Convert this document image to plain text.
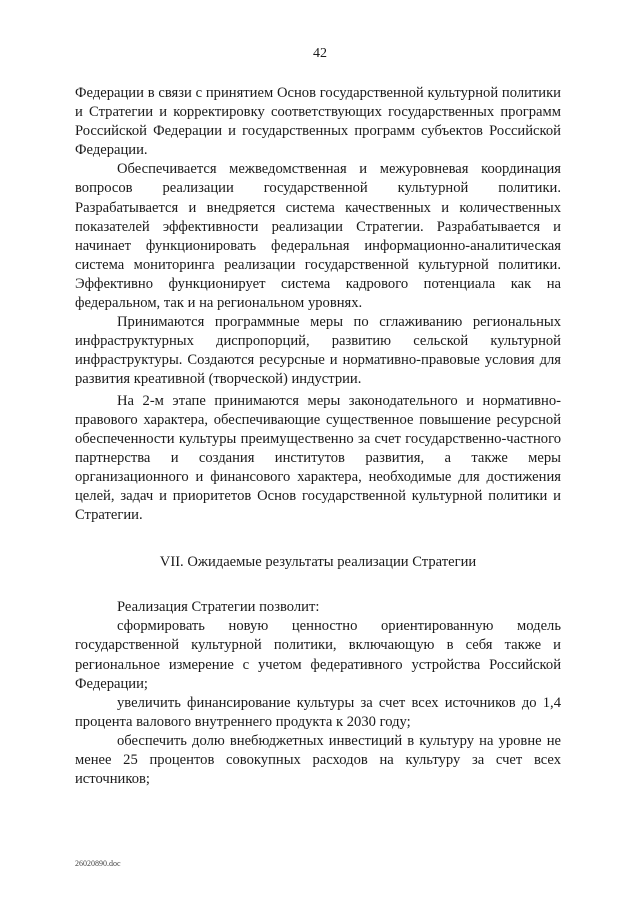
42

Федерации в связи с принятием Основ государственной культурной политики и Стратегии и корректировку соответствующих государственных программ Российской Федерации и государственных программ субъектов Российской Федерации.

Обеспечивается межведомственная и межуровневая координация вопросов реализации государственной культурной политики. Разрабатывается и внедряется система качественных и количественных показателей эффективности реализации Стратегии. Разрабатывается и начинает функционировать федеральная информационно-аналитическая система мониторинга реализации государственной культурной политики. Эффективно функционирует система кадрового потенциала как на федеральном, так и на региональном уровнях.

Принимаются программные меры по сглаживанию региональных инфраструктурных диспропорций, развитию сельской культурной инфраструктуры. Создаются ресурсные и нормативно-правовые условия для развития креативной (творческой) индустрии.

На 2-м этапе принимаются меры законодательного и нормативно-правового характера, обеспечивающие существенное повышение ресурсной обеспеченности культуры преимущественно за счет государственно-частного партнерства и создания институтов развития, а также меры организационного и финансового характера, необходимые для достижения целей, задач и приоритетов Основ государственной культурной политики и Стратегии.

VII. Ожидаемые результаты реализации Стратегии

Реализация Стратегии позволит:

сформировать новую ценностно ориентированную модель государственной культурной политики, включающую в себя также и региональное измерение с учетом федеративного устройства Российской Федерации;

увеличить финансирование культуры за счет всех источников до 1,4 процента валового внутреннего продукта к 2030 году;

обеспечить долю внебюджетных инвестиций в культуру на уровне не менее 25 процентов совокупных расходов на культуру за счет всех источников;

26020890.doc
